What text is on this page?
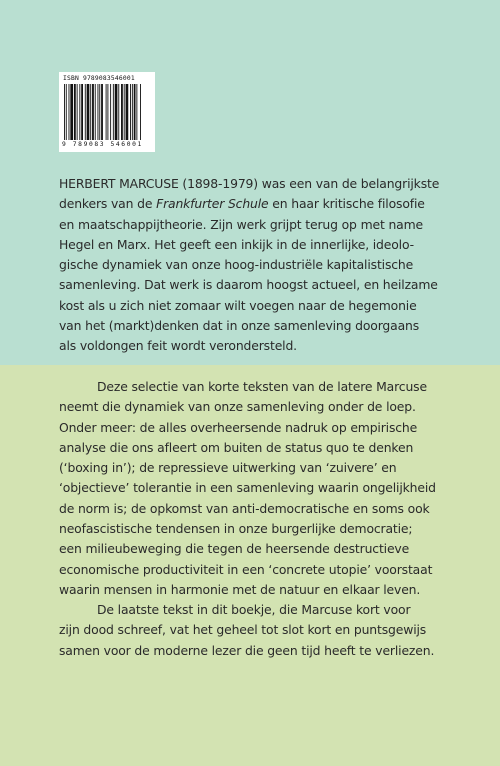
ISBN 9789083546001
9 789083 546001
HERBERT MARCUSE (1898-1979) was een van de belangrijkste
denkers van de Frankfurter Schule en haar kritische filosofie
en maatschappijtheorie. Zijn werk grijpt terug op met name
Hegel en Marx. Het geeft een inkijk in de innerlijke, ideolo-
gische dynamiek van onze hoog-industriële kapitalistische
samenleving. Dat werk is daarom hoogst actueel, en heilzame
kost als u zich niet zomaar wilt voegen naar de hegemonie
van het (markt)denken dat in onze samenleving doorgaans
als voldongen feit wordt verondersteld.
Deze selectie van korte teksten van de latere Marcuse
neemt die dynamiek van onze samenleving onder de loep.
Onder meer: de alles overheersende nadruk op empirische
analyse die ons afleert om buiten de status quo te denken
(‘boxing in’); de repressieve uitwerking van ‘zuivere’ en
‘objectieve’ tolerantie in een samenleving waarin ongelijkheid
de norm is; de opkomst van anti-democratische en soms ook
neofascistische tendensen in onze burgerlijke democratie;
een milieubeweging die tegen de heersende destructieve
economische productiviteit in een ‘concrete utopie’ voorstaat
waarin mensen in harmonie met de natuur en elkaar leven.
De laatste tekst in dit boekje, die Marcuse kort voor
zijn dood schreef, vat het geheel tot slot kort en puntsgewijs
samen voor de moderne lezer die geen tijd heeft te verliezen.
